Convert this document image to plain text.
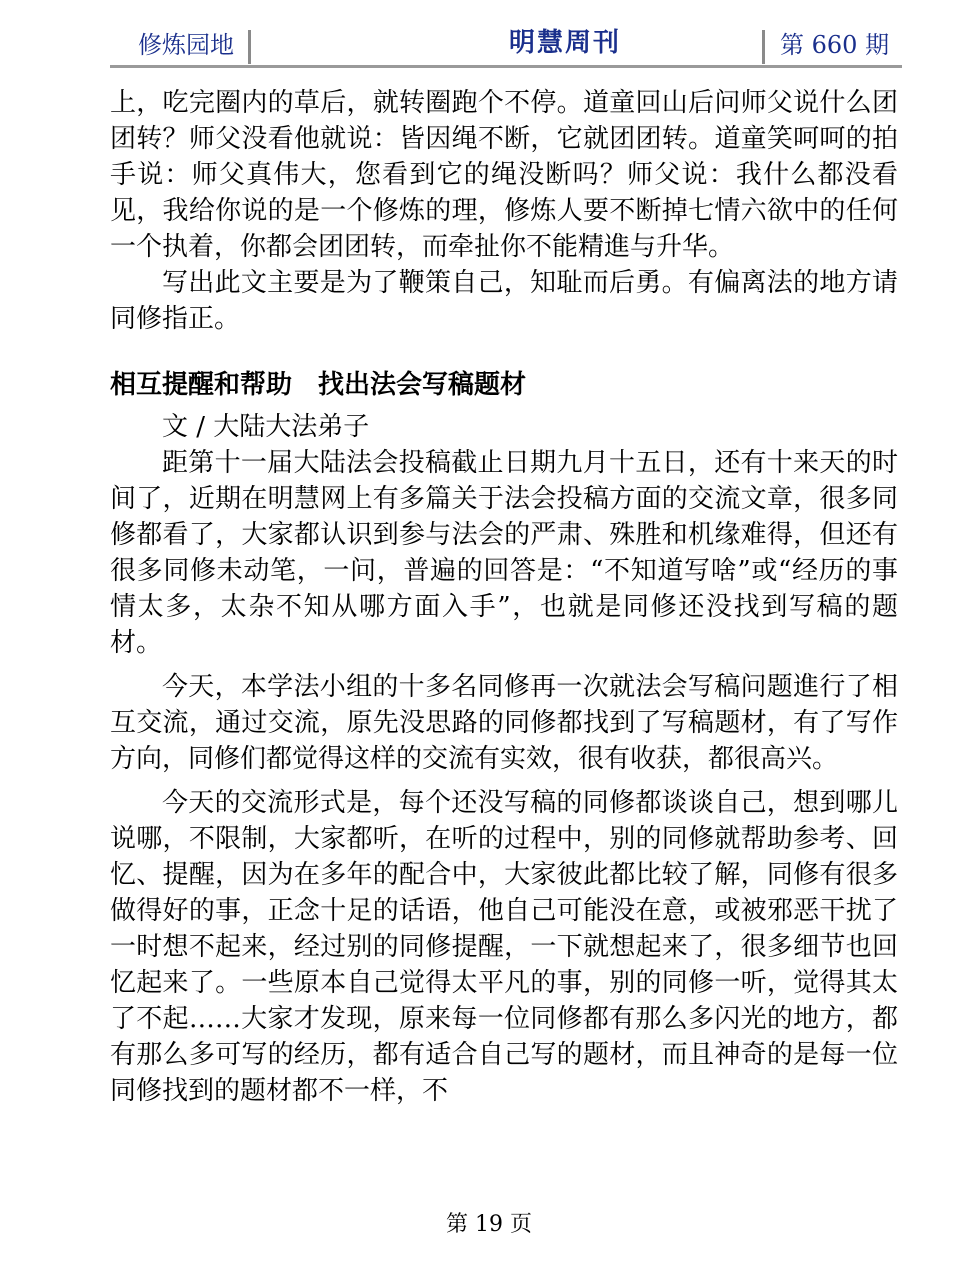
修炼园地	明慧周刊	第 660 期

上，吃完圈内的草后，就转圈跑个不停。道童回山后问师父说什么团团转？师父没看他就说：皆因绳不断，它就团团转。道童笑呵呵的拍手说：师父真伟大，您看到它的绳没断吗？师父说：我什么都没看见，我给你说的是一个修炼的理，修炼人要不断掉七情六欲中的任何一个执着，你都会团团转，而牵扯你不能精進与升华。

写出此文主要是为了鞭策自己，知耻而后勇。有偏离法的地方请同修指正。

相互提醒和帮助　找出法会写稿题材

文 / 大陆大法弟子

距第十一届大陆法会投稿截止日期九月十五日，还有十来天的时间了，近期在明慧网上有多篇关于法会投稿方面的交流文章，很多同修都看了，大家都认识到参与法会的严肃、殊胜和机缘难得，但还有很多同修未动笔，一问，普遍的回答是：“不知道写啥”或“经历的事情太多，太杂不知从哪方面入手”，也就是同修还没找到写稿的题材。

今天，本学法小组的十多名同修再一次就法会写稿问题進行了相互交流，通过交流，原先没思路的同修都找到了写稿题材，有了写作方向，同修们都觉得这样的交流有实效，很有收获，都很高兴。

今天的交流形式是，每个还没写稿的同修都谈谈自己，想到哪儿说哪，不限制，大家都听，在听的过程中，别的同修就帮助参考、回忆、提醒，因为在多年的配合中，大家彼此都比较了解，同修有很多做得好的事，正念十足的话语，他自己可能没在意，或被邪恶干扰了一时想不起来，经过别的同修提醒，一下就想起来了，很多细节也回忆起来了。一些原本自己觉得太平凡的事，别的同修一听，觉得其太了不起……大家才发现，原来每一位同修都有那么多闪光的地方，都有那么多可写的经历，都有适合自己写的题材，而且神奇的是每一位同修找到的题材都不一样，不

第 19 页
